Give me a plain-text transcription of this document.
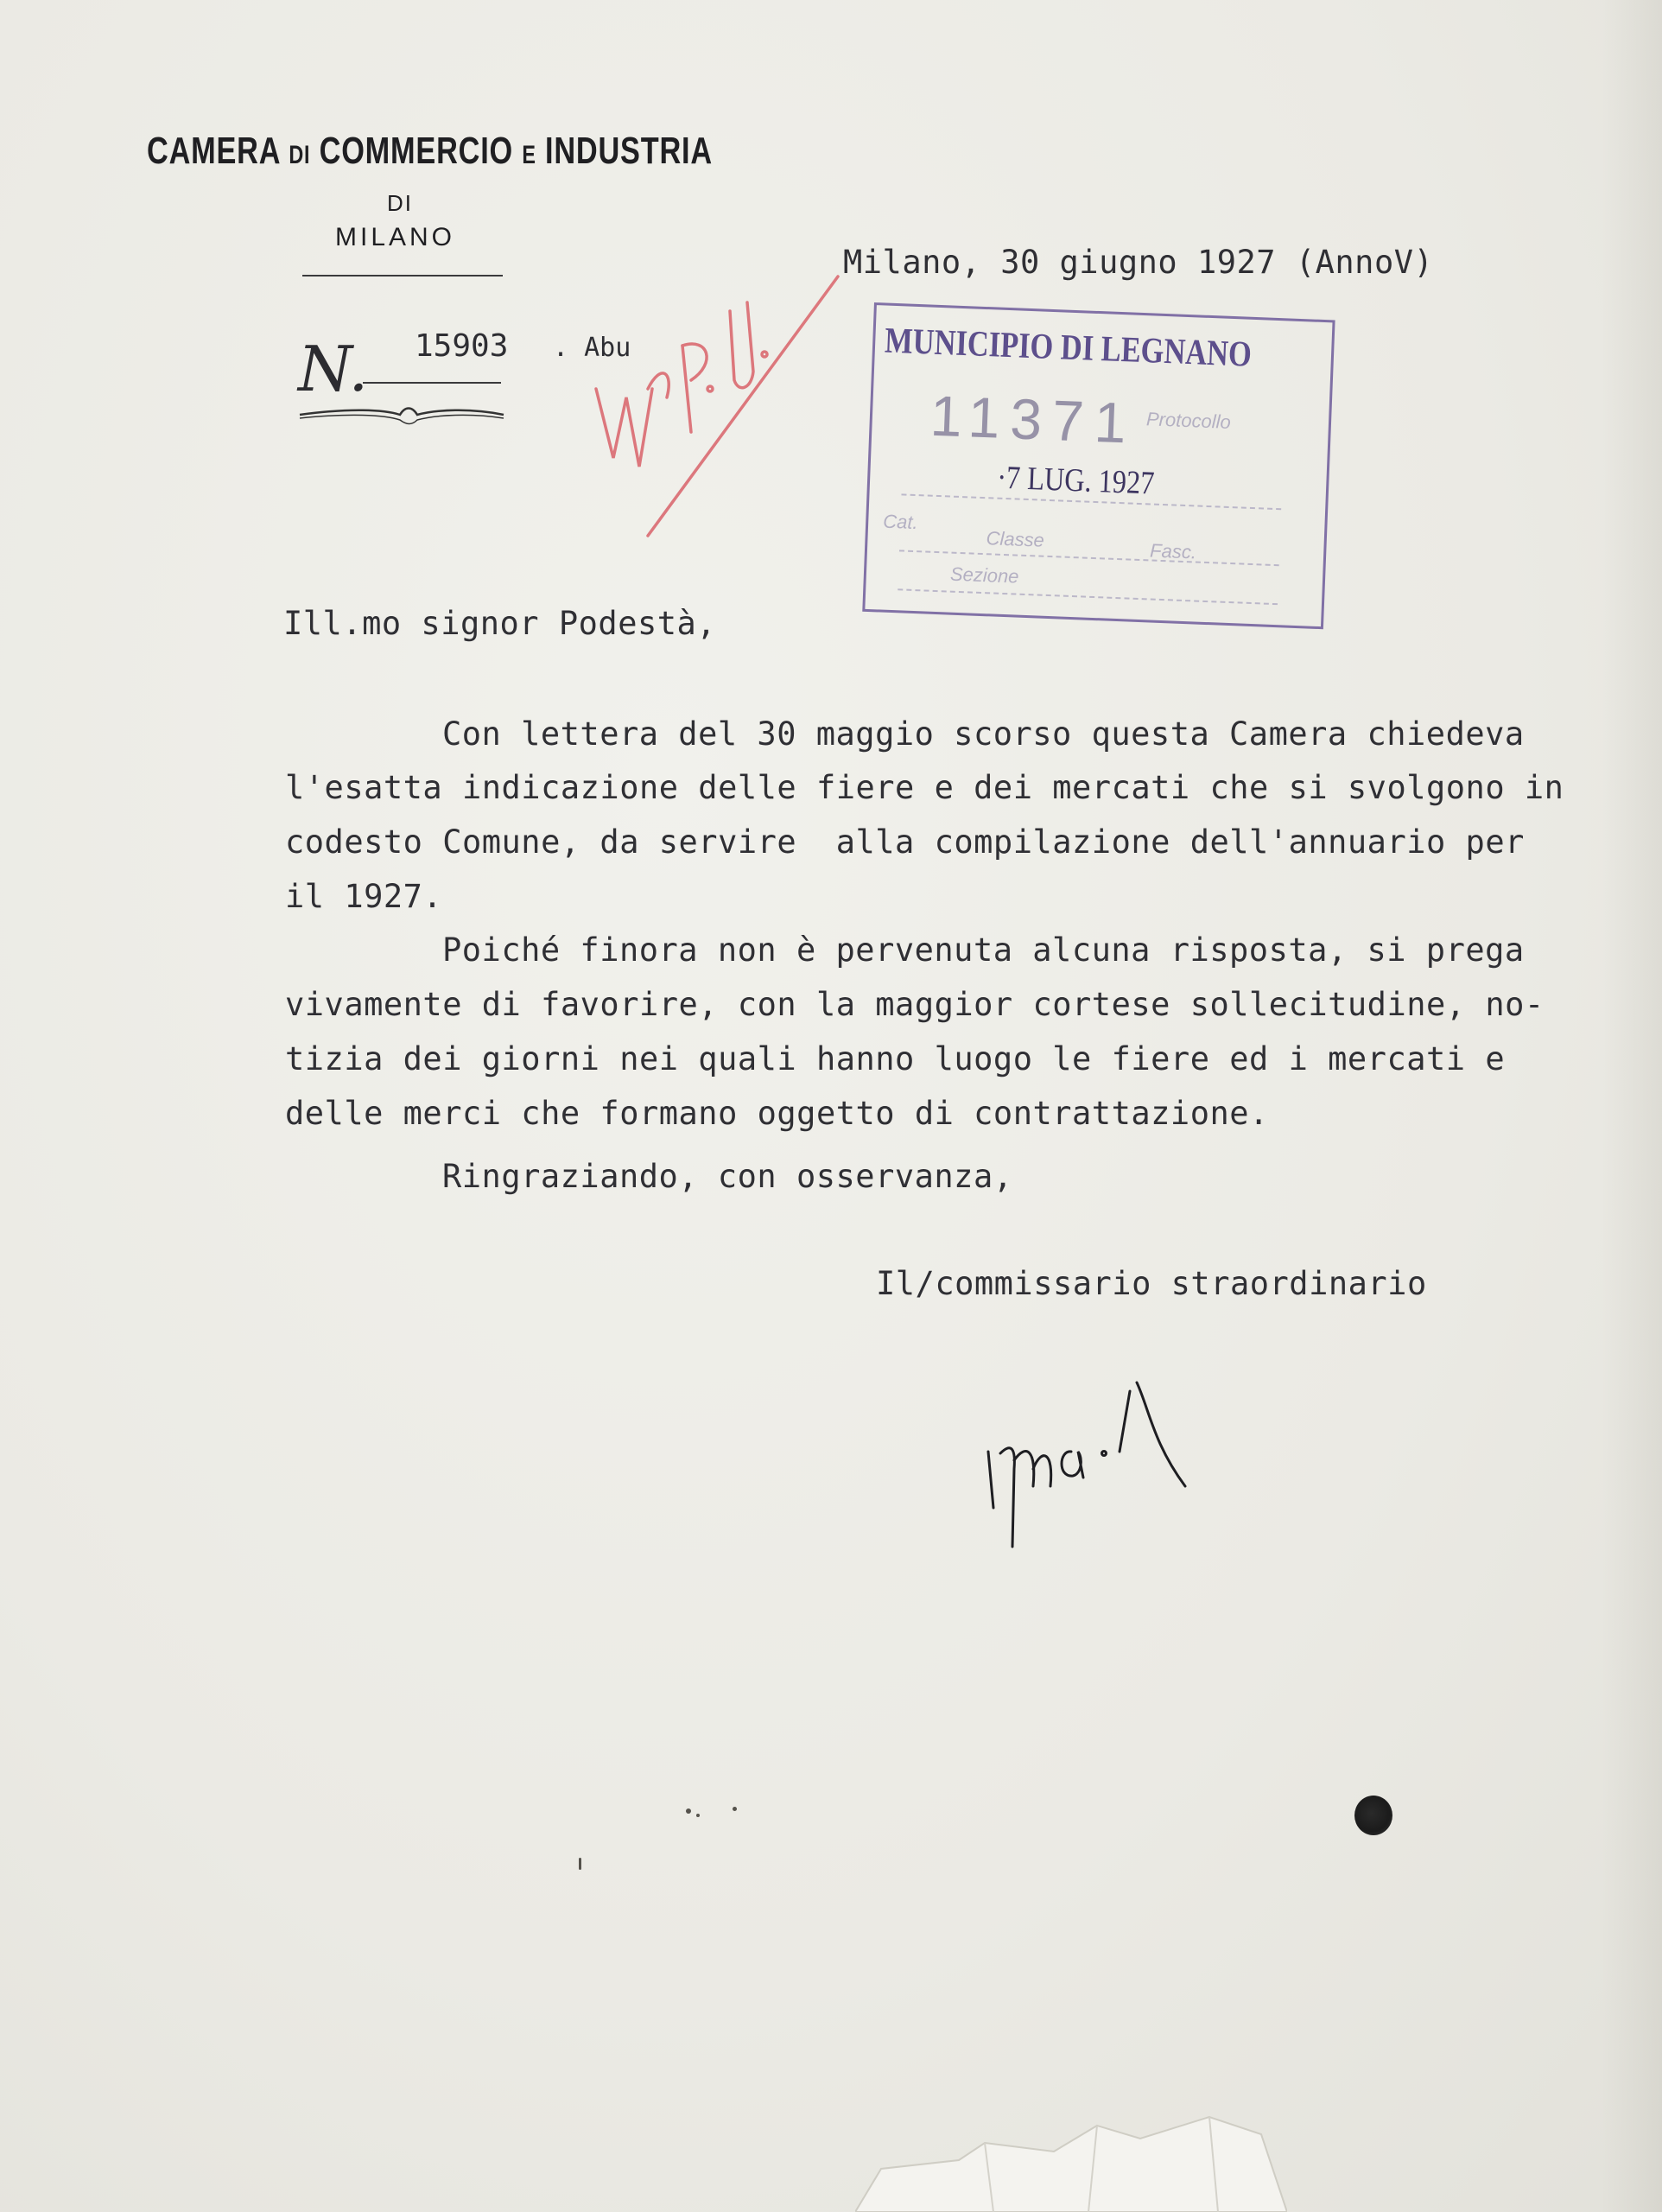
CAMERA DI COMMERCIO E INDUSTRIA
DI
MILANO
N. 15903 . Abu
Milano, 30 giugno 1927 (AnnoV)
MUNICIPIO DI LEGNANO
11371 Protocollo
·7 LUG. 1927
Cat.
Classe
Fasc.
Sezione
Ill.mo signor Podestà,
Con lettera del 30 maggio scorso questa Camera chiedeva
l'esatta indicazione delle fiere e dei mercati che si svolgono in
codesto Comune, da servire  alla compilazione dell'annuario per
il 1927.
Poiché finora non è pervenuta alcuna risposta, si prega
vivamente di favorire, con la maggior cortese sollecitudine, no-
tizia dei giorni nei quali hanno luogo le fiere ed i mercati e
delle merci che formano oggetto di contrattazione.
Ringraziando, con osservanza,
Il/commissario straordinario
